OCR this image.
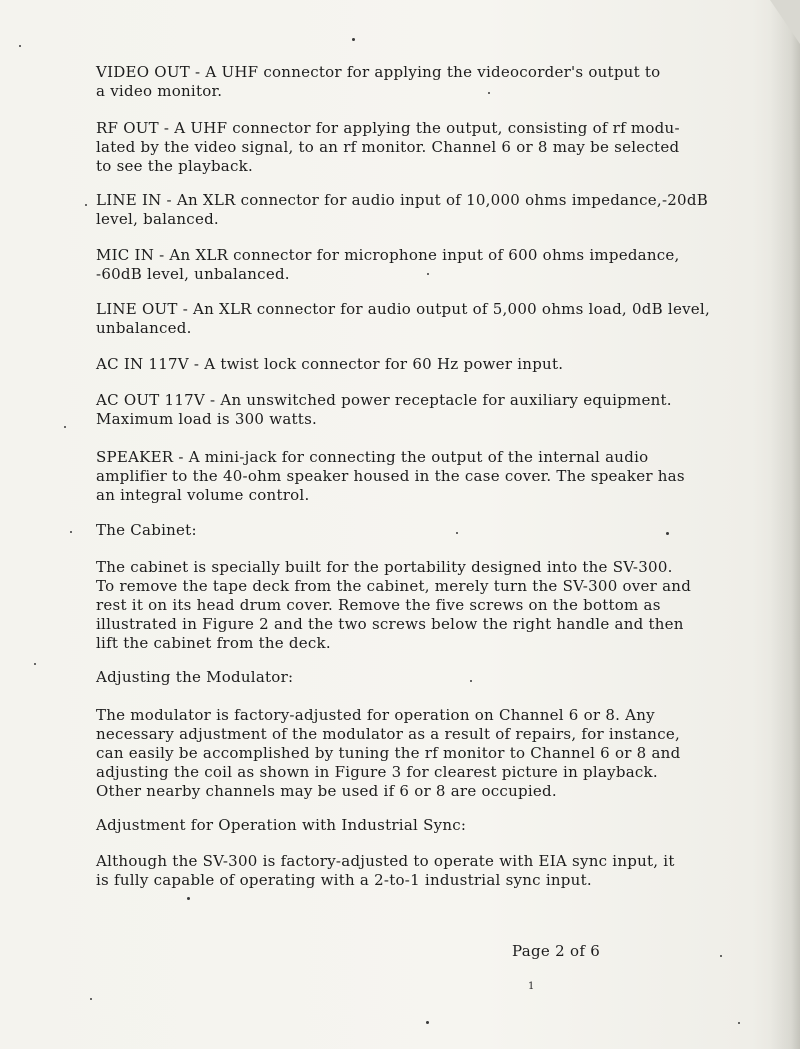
VIDEO OUT - A UHF connector for applying the videocorder's output to
a video monitor.

RF OUT - A UHF connector for applying the output, consisting of rf modu-
lated by the video signal, to an rf monitor. Channel 6 or 8 may be selected
to see the playback.

LINE IN - An XLR connector for audio input of 10,000 ohms impedance,-20dB
level, balanced.

MIC IN - An XLR connector for microphone input of 600 ohms impedance,
-60dB level, unbalanced.

LINE OUT - An XLR connector for audio output of 5,000 ohms load, 0dB level,
unbalanced.

AC IN 117V - A twist lock connector for 60 Hz power input.

AC OUT 117V - An unswitched power receptacle for auxiliary equipment.
Maximum load is 300 watts.

SPEAKER - A mini-jack for connecting the output of the internal audio
amplifier to the 40-ohm speaker housed in the case cover. The speaker has
an integral volume control.

The Cabinet:

The cabinet is specially built for the portability designed into the SV-300.
To remove the tape deck from the cabinet, merely turn the SV-300 over and
rest it on its head drum cover. Remove the five screws on the bottom as
illustrated in Figure 2 and the two screws below the right handle and then
lift the cabinet from the deck.

Adjusting the Modulator:

The modulator is factory-adjusted for operation on Channel 6 or 8. Any
necessary adjustment of the modulator as a result of repairs, for instance,
can easily be accomplished by tuning the rf monitor to Channel 6 or 8 and
adjusting the coil as shown in Figure 3 for clearest picture in playback.
Other nearby channels may be used if 6 or 8 are occupied.

Adjustment for Operation with Industrial Sync:

Although the SV-300 is factory-adjusted to operate with EIA sync input, it
is fully capable of operating with a 2-to-1 industrial sync input.

Page 2 of 6
1
